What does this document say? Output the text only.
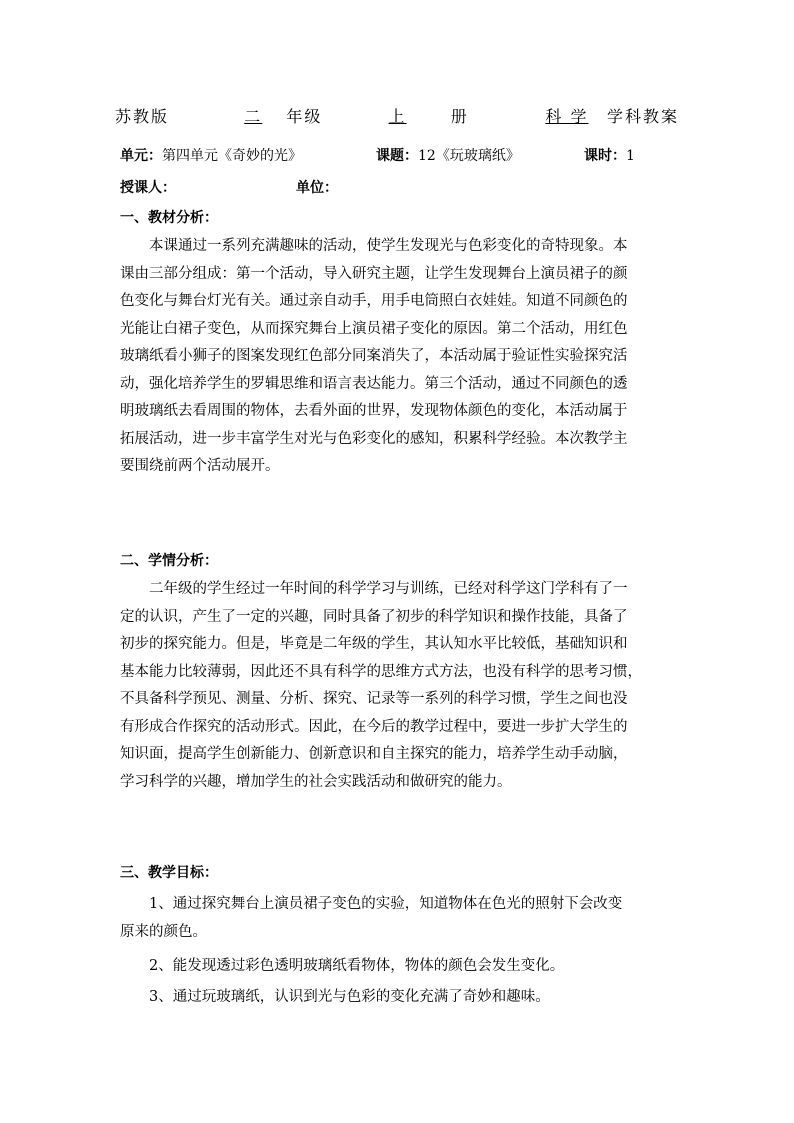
苏教版	二 年级	上	册	科 学 学科教案
单元：第四单元《奇妙的光》	课题：12《玩玻璃纸》	课时：1
授课人：	单位：
一、教材分析：
本课通过一系列充满趣味的活动，使学生发现光与色彩变化的奇特现象。本
课由三部分组成：第一个活动，导入研究主题，让学生发现舞台上演员裙子的颜
色变化与舞台灯光有关。通过亲自动手，用手电筒照白衣娃娃。知道不同颜色的
光能让白裙子变色，从而探究舞台上演员裙子变化的原因。第二个活动，用红色
玻璃纸看小狮子的图案发现红色部分同案消失了，本活动属于验证性实验探究活
动，强化培养学生的罗辑思维和语言表达能力。第三个活动，通过不同颜色的透
明玻璃纸去看周围的物体，去看外面的世界，发现物体颜色的变化，本活动属于
拓展活动，进一步丰富学生对光与色彩变化的感知，积累科学经验。本次教学主
要围绕前两个活动展开。
二、学情分析：
二年级的学生经过一年时间的科学学习与训练，已经对科学这门学科有了一
定的认识，产生了一定的兴趣，同时具备了初步的科学知识和操作技能，具备了
初步的探究能力。但是，毕竟是二年级的学生，其认知水平比较低，基础知识和
基本能力比较薄弱，因此还不具有科学的思维方式方法，也没有科学的思考习惯，
不具备科学预见、测量、分析、探究、记录等一系列的科学习惯，学生之间也没
有形成合作探究的活动形式。因此，在今后的教学过程中，要进一步扩大学生的
知识面，提高学生创新能力、创新意识和自主探究的能力，培养学生动手动脑，
学习科学的兴趣，增加学生的社会实践活动和做研究的能力。
三、教学目标：
1、通过探究舞台上演员裙子变色的实验，知道物体在色光的照射下会改变
原来的颜色。
2、能发现透过彩色透明玻璃纸看物体，物体的颜色会发生变化。
3、通过玩玻璃纸，认识到光与色彩的变化充满了奇妙和趣味。
